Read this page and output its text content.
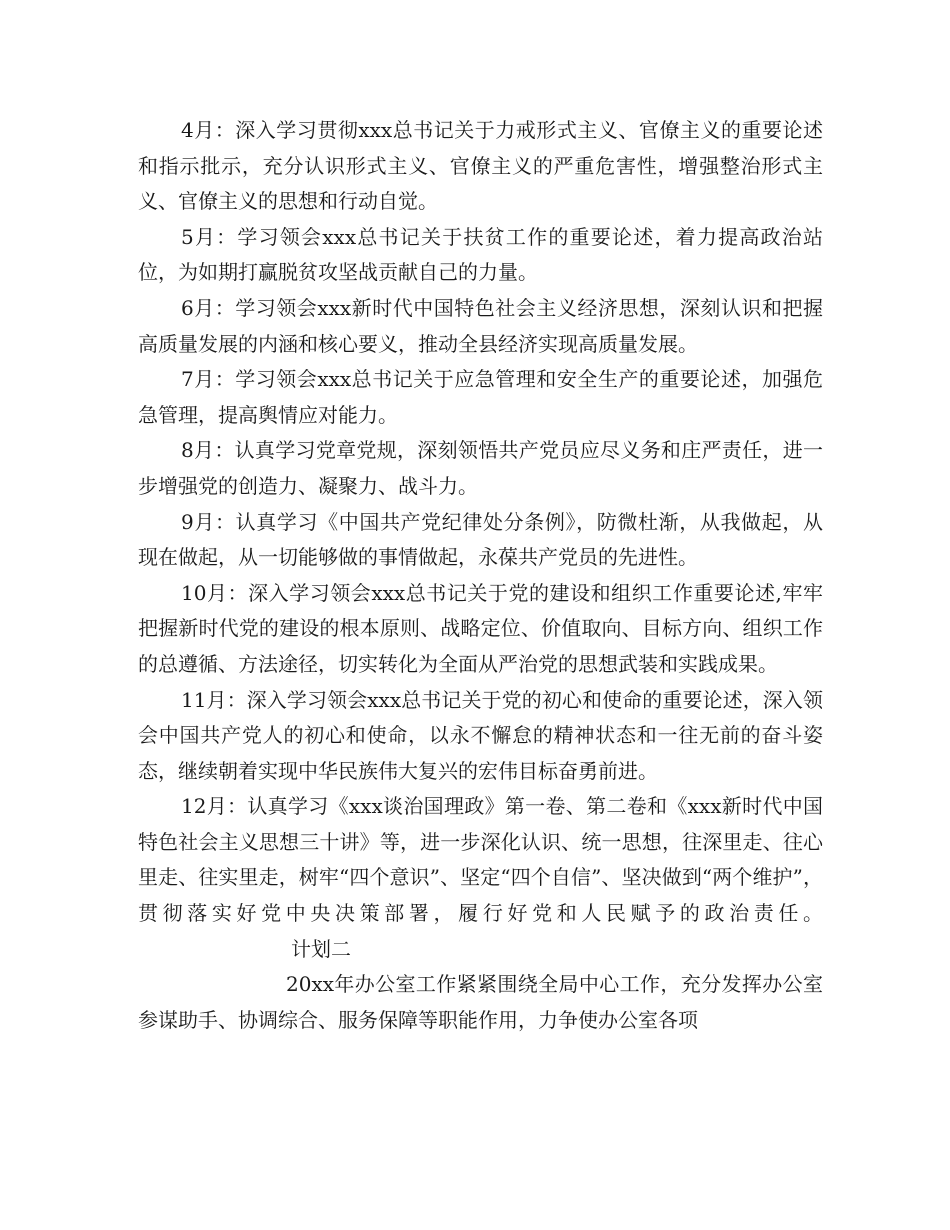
4月：深入学习贯彻xxx总书记关于力戒形式主义、官僚主义的重要论述和指示批示，充分认识形式主义、官僚主义的严重危害性，增强整治形式主义、官僚主义的思想和行动自觉。

5月：学习领会xxx总书记关于扶贫工作的重要论述，着力提高政治站位，为如期打赢脱贫攻坚战贡献自己的力量。

6月：学习领会xxx新时代中国特色社会主义经济思想，深刻认识和把握高质量发展的内涵和核心要义，推动全县经济实现高质量发展。

7月：学习领会xxx总书记关于应急管理和安全生产的重要论述，加强危急管理，提高舆情应对能力。

8月：认真学习党章党规，深刻领悟共产党员应尽义务和庄严责任，进一步增强党的创造力、凝聚力、战斗力。

9月：认真学习《中国共产党纪律处分条例》，防微杜渐，从我做起，从现在做起，从一切能够做的事情做起，永葆共产党员的先进性。

10月：深入学习领会xxx总书记关于党的建设和组织工作重要论述,牢牢把握新时代党的建设的根本原则、战略定位、价值取向、目标方向、组织工作的总遵循、方法途径，切实转化为全面从严治党的思想武装和实践成果。

11月：深入学习领会xxx总书记关于党的初心和使命的重要论述，深入领会中国共产党人的初心和使命，以永不懈怠的精神状态和一往无前的奋斗姿态，继续朝着实现中华民族伟大复兴的宏伟目标奋勇前进。

12月：认真学习《xxx谈治国理政》第一卷、第二卷和《xxx新时代中国特色社会主义思想三十讲》等，进一步深化认识、统一思想，往深里走、往心里走、往实里走，树牢“四个意识”、坚定“四个自信”、坚决做到“两个维护”，贯彻落实好党中央决策部署，履行好党和人民赋予的政治责任。计划二

20xx年办公室工作紧紧围绕全局中心工作，充分发挥办公室参谋助手、协调综合、服务保障等职能作用，力争使办公室各项
